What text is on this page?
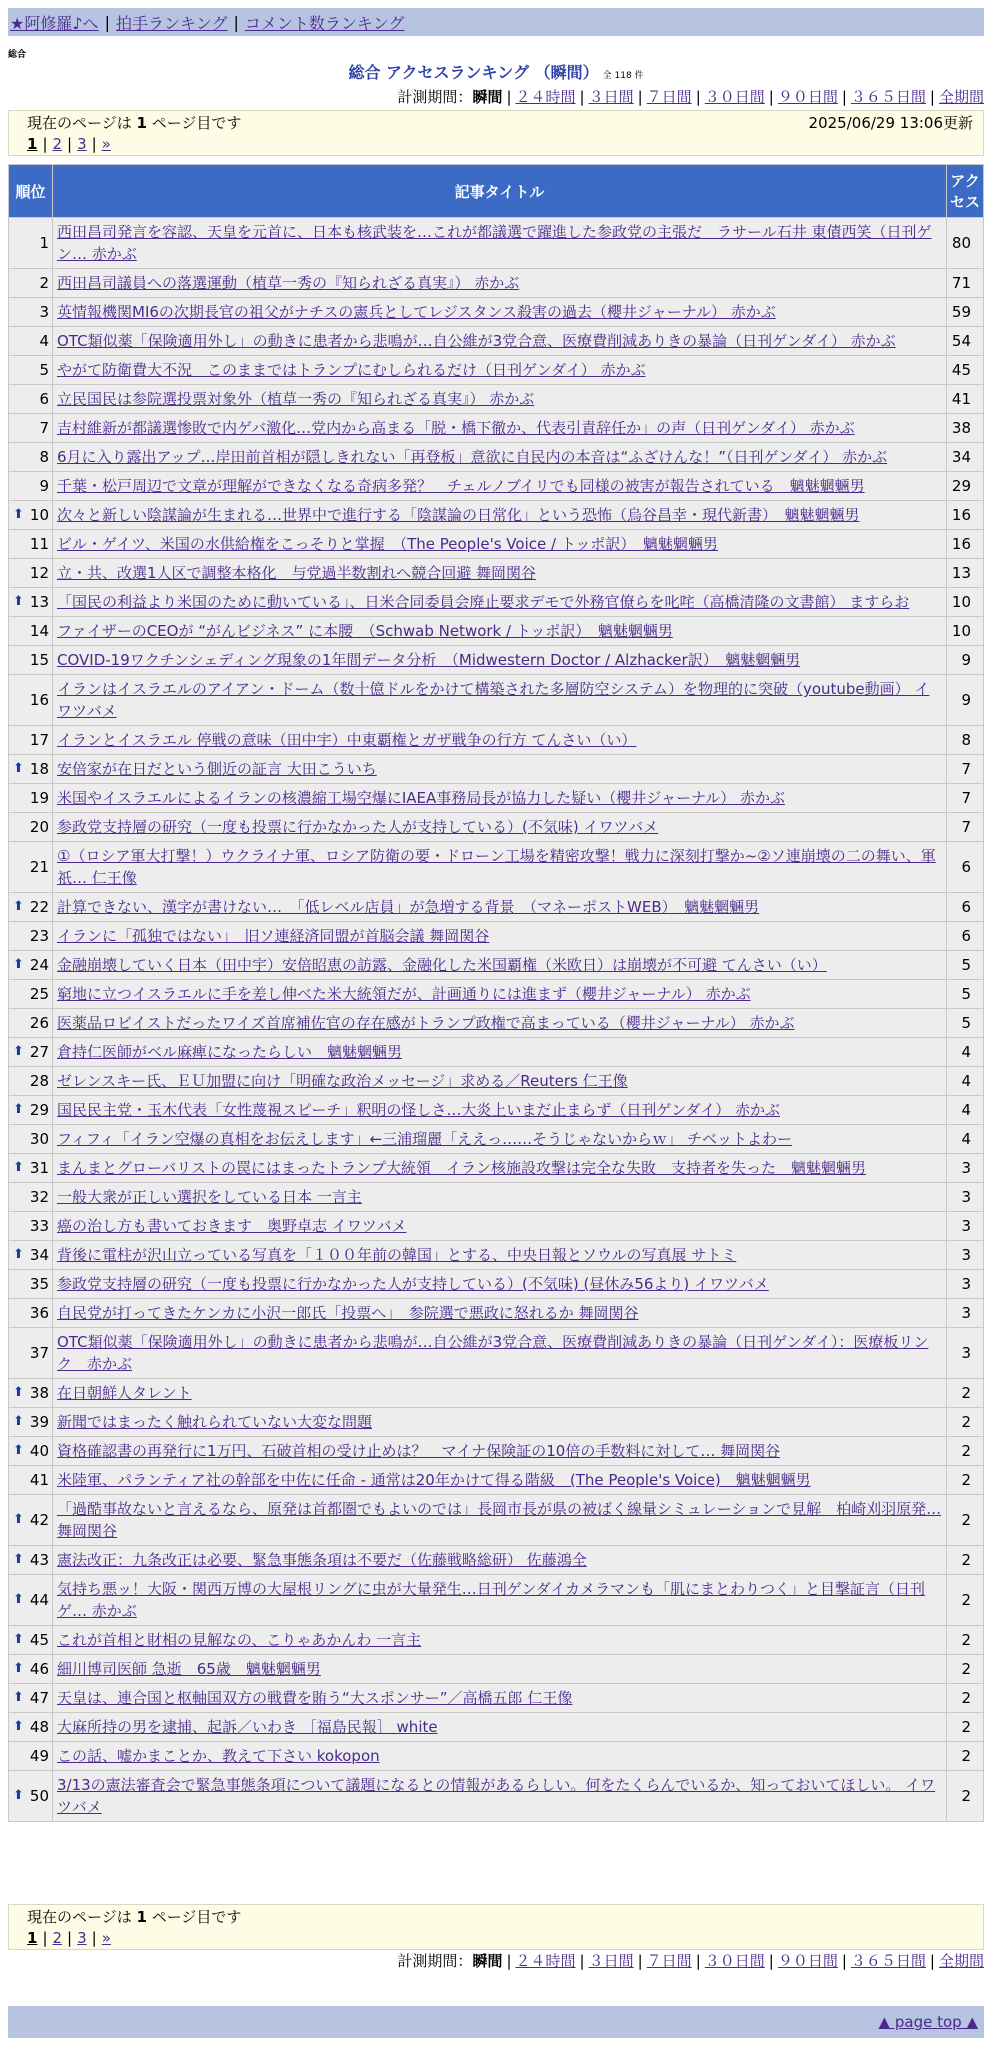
★阿修羅♪へ | 拍手ランキング | コメント数ランキング
総合
総合 アクセスランキング （瞬間） 全 118 件
計測期間：瞬間 | ２４時間 | ３日間 | ７日間 | ３０日間 | ９０日間 | ３６５日間 | 全期間
現在のページは 1 ページ目です	2025/06/29 13:06更新
1 | 2 | 3 | »
順位	記事タイトル	アクセス
1	西田昌司発言を容認、天皇を元首に、日本も核武装を…これが都議選で躍進した参政党の主張だ　ラサール石井 東債西笑（日刊ゲン… 赤かぶ	80
2	西田昌司議員への落選運動（植草一秀の『知られざる真実』） 赤かぶ	71
3	英情報機関MI6の次期長官の祖父がナチスの憲兵としてレジスタンス殺害の過去（櫻井ジャーナル） 赤かぶ	59
4	OTC類似薬「保険適用外し」の動きに患者から悲鳴が…自公維が3党合意、医療費削減ありきの暴論（日刊ゲンダイ） 赤かぶ	54
5	やがて防衛費大不況　このままではトランプにむしられるだけ（日刊ゲンダイ） 赤かぶ	45
6	立民国民は参院選投票対象外（植草一秀の『知られざる真実』） 赤かぶ	41
7	吉村維新が都議選惨敗で内ゲバ激化…党内から高まる「脱・橋下徹か、代表引責辞任か」の声（日刊ゲンダイ） 赤かぶ	38
8	6月に入り露出アップ…岸田前首相が隠しきれない「再登板」意欲に自民内の本音は“ふざけんな！”（日刊ゲンダイ） 赤かぶ	34
9	千葉・松戸周辺で文章が理解ができなくなる奇病多発？　チェルノブイリでも同様の被害が報告されている　魑魅魍魎男	29

⬆ 10	次々と新しい陰謀論が生まれる…世界中で進行する「陰謀論の日常化」という恐怖（烏谷昌幸・現代新書）　魑魅魍魎男	16
11	ビル・ゲイツ、米国の水供給権をこっそりと掌握　（The People's Voice / トッポ訳）　魑魅魍魎男	16
12	立・共、改選1人区で調整本格化　与党過半数割れへ競合回避 舞岡関谷	13

⬆ 13	「国民の利益より米国のために動いている」、日米合同委員会廃止要求デモで外務官僚らを叱咤（高橋清隆の文書館） ますらお	10
14	ファイザーのCEOが “がんビジネス” に本腰　（Schwab Network / トッポ訳）　魑魅魍魎男	10
15	COVID-19ワクチンシェディング現象の1年間データ分析　（Midwestern Doctor / Alzhacker訳）　魑魅魍魎男	9
16	イランはイスラエルのアイアン・ドーム（数十億ドルをかけて構築された多層防空システム）を物理的に突破（youtube動画） イワツバメ	9
17	イランとイスラエル 停戦の意味（田中宇）中東覇権とガザ戦争の行方 てんさい（い）	8

⬆ 18	安倍家が在日だという側近の証言 大田こういち	7
19	米国やイスラエルによるイランの核濃縮工場空爆にIAEA事務局長が協力した疑い（櫻井ジャーナル） 赤かぶ	7
20	参政党支持層の研究（一度も投票に行かなかった人が支持している）(不気味) イワツバメ	7
21	①（ロシア軍大打撃！）ウクライナ軍、ロシア防衛の要・ドローン工場を精密攻撃！戦力に深刻打撃か~②ソ連崩壊の二の舞い、軍祇… 仁王像	6

⬆ 22	計算できない、漢字が書けない…　「低レベル店員」が急増する背景　（マネーポストWEB）　魑魅魍魎男	6
23	イランに「孤独ではない」　旧ソ連経済同盟が首脳会議 舞岡関谷	6

⬆ 24	金融崩壊していく日本（田中宇）安倍昭恵の訪露、金融化した米国覇権（米欧日）は崩壊が不可避 てんさい（い）	5
25	窮地に立つイスラエルに手を差し伸べた米大統領だが、計画通りには進まず（櫻井ジャーナル） 赤かぶ	5
26	医薬品ロビイストだったワイズ首席補佐官の存在感がトランプ政権で高まっている（櫻井ジャーナル） 赤かぶ	5

⬆ 27	倉持仁医師がベル麻痺になったらしい　魑魅魍魎男	4
28	ゼレンスキー氏、ＥＵ加盟に向け「明確な政治メッセージ」求める／Reuters 仁王像	4

⬆ 29	国民民主党・玉木代表「女性蔑視スピーチ」釈明の怪しさ…大炎上いまだ止まらず（日刊ゲンダイ） 赤かぶ	4
30	フィフィ「イラン空爆の真相をお伝えします」←三浦瑠麗「ええっ……そうじゃないからｗ」 チベットよわー	4

⬆ 31	まんまとグローバリストの罠にはまったトランプ大統領　イラン核施設攻撃は完全な失敗　支持者を失った　魑魅魍魎男	3
32	一般大衆が正しい選択をしている日本 一言主	3
33	癌の治し方も書いておきます　奥野卓志 イワツバメ	3

⬆ 34	背後に電柱が沢山立っている写真を「１００年前の韓国」とする、中央日報とソウルの写真展 サトミ	3
35	参政党支持層の研究（一度も投票に行かなかった人が支持している）(不気味) (昼休み56より) イワツバメ	3
36	自民党が打ってきたケンカに小沢一郎氏「投票へ」　参院選で悪政に怒れるか 舞岡関谷	3
37	OTC類似薬「保険適用外し」の動きに患者から悲鳴が…自公維が3党合意、医療費削減ありきの暴論（日刊ゲンダイ）：医療板リンク　赤かぶ	3

⬆ 38	在日朝鮮人タレント	2

⬆ 39	新聞ではまったく触れられていない大変な問題	2

⬆ 40	資格確認書の再発行に1万円、石破首相の受け止めは？　マイナ保険証の10倍の手数料に対して… 舞岡関谷	2
41	米陸軍、パランティア社の幹部を中佐に任命 - 通常は20年かけて得る階級　(The People's Voice)　魑魅魍魎男	2

⬆ 42	「過酷事故ないと言えるなら、原発は首都圏でもよいのでは」長岡市長が県の被ばく線量シミュレーションで見解　柏崎刈羽原発… 舞岡関谷	2

⬆ 43	憲法改正：九条改正は必要、緊急事態条項は不要だ（佐藤戦略総研） 佐藤鴻全	2

⬆ 44	気持ち悪ッ！大阪・関西万博の大屋根リングに虫が大量発生…日刊ゲンダイカメラマンも「肌にまとわりつく」と目撃証言（日刊ゲ… 赤かぶ	2

⬆ 45	これが首相と財相の見解なの、こりゃあかんわ 一言主	2

⬆ 46	細川博司医師 急逝　65歳　魑魅魍魎男	2

⬆ 47	天皇は、連合国と枢軸国双方の戦費を賄う“大スポンサー”／高橋五郎 仁王像	2

⬆ 48	大麻所持の男を逮捕、起訴／いわき ［福島民報］ white	2
49	この話、嘘かまことか、教えて下さい kokopon	2

⬆ 50	3/13の憲法審査会で緊急事態条項について議題になるとの情報があるらしい。何をたくらんでいるか、知っておいてほしい。 イワツバメ	2
現在のページは 1 ページ目です
1 | 2 | 3 | »
計測期間：瞬間 | ２４時間 | ３日間 | ７日間 | ３０日間 | ９０日間 | ３６５日間 | 全期間
▲ page top ▲
